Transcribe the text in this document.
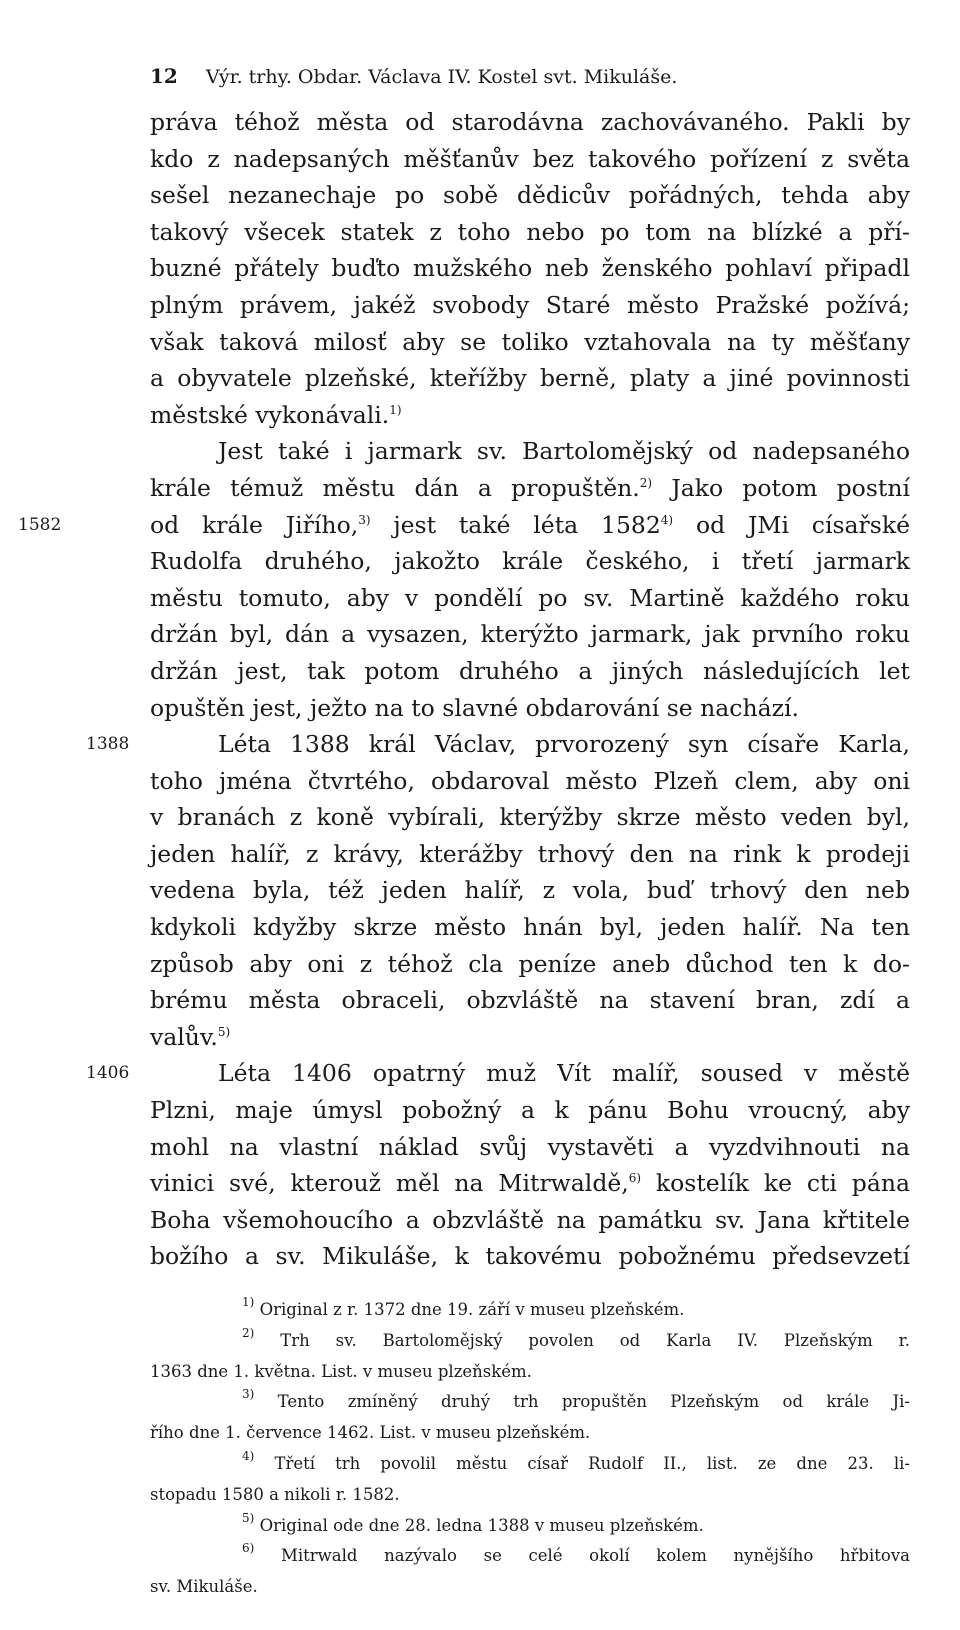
12 Výr. trhy. Obdar. Václava IV. Kostel svt. Mikuláše.
práva téhož města od starodávna zachovávaného. Pakli by
kdo z nadepsaných měšťanův bez takového pořízení z světa
sešel nezanechaje po sobě dědicův pořádných, tehda aby
takový všecek statek z toho nebo po tom na blízké a pří-
buzné přátely buďto mužského neb ženského pohlaví připadl
plným právem, jakéž svobody Staré město Pražské požívá;
však taková milosť aby se toliko vztahovala na ty měšťany
a obyvatele plzeňské, kteřížby berně, platy a jiné povinnosti
městské vykonávali.$^{1)}$
Jest také i jarmark sv. Bartolomějský od nadepsaného
krále témuž městu dán a propuštěn.$^{2)}$ Jako potom postní
1582	od krále Jiřího,$^{3)}$ jest také léta 1582$^{4)}$ od JMi císařské
Rudolfa druhého, jakožto krále českého, i třetí jarmark
městu tomuto, aby v pondělí po sv. Martině každého roku
držán byl, dán a vysazen, kterýžto jarmark, jak prvního roku
držán jest, tak potom druhého a jiných následujících let
opuštěn jest, ježto na to slavné obdarování se nachází.
1388	Léta 1388 král Václav, prvorozený syn císaře Karla,
toho jména čtvrtého, obdaroval město Plzeň clem, aby oni
v branách z koně vybírali, kterýžby skrze město veden byl,
jeden halíř, z krávy, kterážby trhový den na rink k prodeji
vedena byla, též jeden halíř, z vola, buď trhový den neb
kdykoli kdyžby skrze město hnán byl, jeden halíř. Na ten
způsob aby oni z téhož cla peníze aneb důchod ten k do-
brému města obraceli, obzvláště na stavení bran, zdí a
valův.$^{5)}$
1406	Léta 1406 opatrný muž Vít malíř, soused v městě
Plzni, maje úmysl pobožný a k pánu Bohu vroucný, aby
mohl na vlastní náklad svůj vystavěti a vyzdvihnouti na
vinici své, kterouž měl na Mitrwaldě,$^{6)}$ kostelík ke cti pána
Boha všemohoucího a obzvláště na památku sv. Jana křtitele
božího a sv. Mikuláše, k takovému pobožnému předsevzetí
$^{1)}$ Original z r. 1372 dne 19. září v museu plzeňském.
$^{2)}$ Trh sv. Bartolomějský povolen od Karla IV. Plzeňským r.
1363 dne 1. května. List. v museu plzeňském.
$^{3)}$ Tento zmíněný druhý trh propuštěn Plzeňským od krále Ji-
řího dne 1. července 1462. List. v museu plzeňském.
$^{4)}$ Třetí trh povolil městu císař Rudolf II., list. ze dne 23. li-
stopadu 1580 a nikoli r. 1582.
$^{5)}$ Original ode dne 28. ledna 1388 v museu plzeňském.
$^{6)}$ Mitrwald nazývalo se celé okolí kolem nynějšího hřbitova
sv. Mikuláše.
